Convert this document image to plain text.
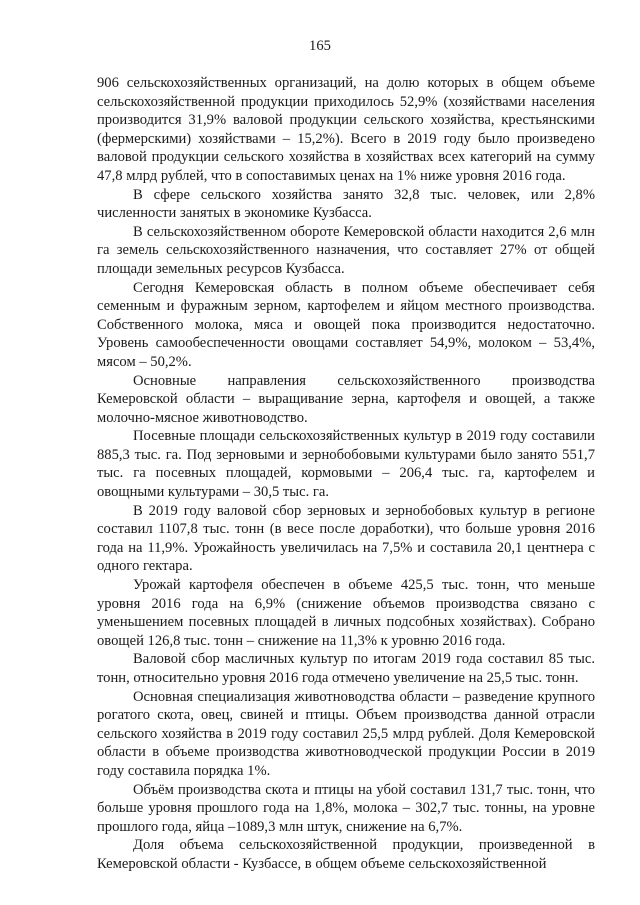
165

906 сельскохозяйственных организаций, на долю которых в общем объеме сельскохозяйственной продукции приходилось 52,9% (хозяйствами населения производится 31,9% валовой продукции сельского хозяйства, крестьянскими (фермерскими) хозяйствами – 15,2%). Всего в 2019 году было произведено валовой продукции сельского хозяйства в хозяйствах всех категорий на сумму 47,8 млрд рублей, что в сопоставимых ценах на 1% ниже уровня 2016 года.

В сфере сельского хозяйства занято 32,8 тыс. человек, или 2,8% численности занятых в экономике Кузбасса.

В сельскохозяйственном обороте Кемеровской области находится 2,6 млн га земель сельскохозяйственного назначения, что составляет 27% от общей площади земельных ресурсов Кузбасса.

Сегодня Кемеровская область в полном объеме обеспечивает себя семенным и фуражным зерном, картофелем и яйцом местного производства. Собственного молока, мяса и овощей пока производится недостаточно. Уровень самообеспеченности овощами составляет 54,9%, молоком – 53,4%, мясом – 50,2%.

Основные направления сельскохозяйственного производства Кемеровской области – выращивание зерна, картофеля и овощей, а также молочно-мясное животноводство.

Посевные площади сельскохозяйственных культур в 2019 году составили 885,3 тыс. га. Под зерновыми и зернобобовыми культурами было занято 551,7 тыс. га посевных площадей, кормовыми – 206,4 тыс. га, картофелем и овощными культурами – 30,5 тыс. га.

В 2019 году валовой сбор зерновых и зернобобовых культур в регионе составил 1107,8 тыс. тонн (в весе после доработки), что больше уровня 2016 года на 11,9%. Урожайность увеличилась на 7,5% и составила 20,1 центнера с одного гектара.

Урожай картофеля обеспечен в объеме 425,5 тыс. тонн, что меньше уровня 2016 года на 6,9% (снижение объемов производства связано с уменьшением посевных площадей в личных подсобных хозяйствах). Собрано овощей 126,8 тыс. тонн – снижение на 11,3% к уровню 2016 года.

Валовой сбор масличных культур по итогам 2019 года составил 85 тыс. тонн, относительно уровня 2016 года отмечено увеличение на 25,5 тыс. тонн.

Основная специализация животноводства области – разведение крупного рогатого скота, овец, свиней и птицы. Объем производства данной отрасли сельского хозяйства в 2019 году составил 25,5 млрд рублей. Доля Кемеровской области в объеме производства животноводческой продукции России в 2019 году составила порядка 1%.

Объём производства скота и птицы на убой составил 131,7 тыс. тонн, что больше уровня прошлого года на 1,8%, молока – 302,7 тыс. тонны, на уровне прошлого года, яйца –1089,3 млн штук, снижение на 6,7%.

Доля объема сельскохозяйственной продукции, произведенной в Кемеровской области - Кузбассе, в общем объеме сельскохозяйственной
